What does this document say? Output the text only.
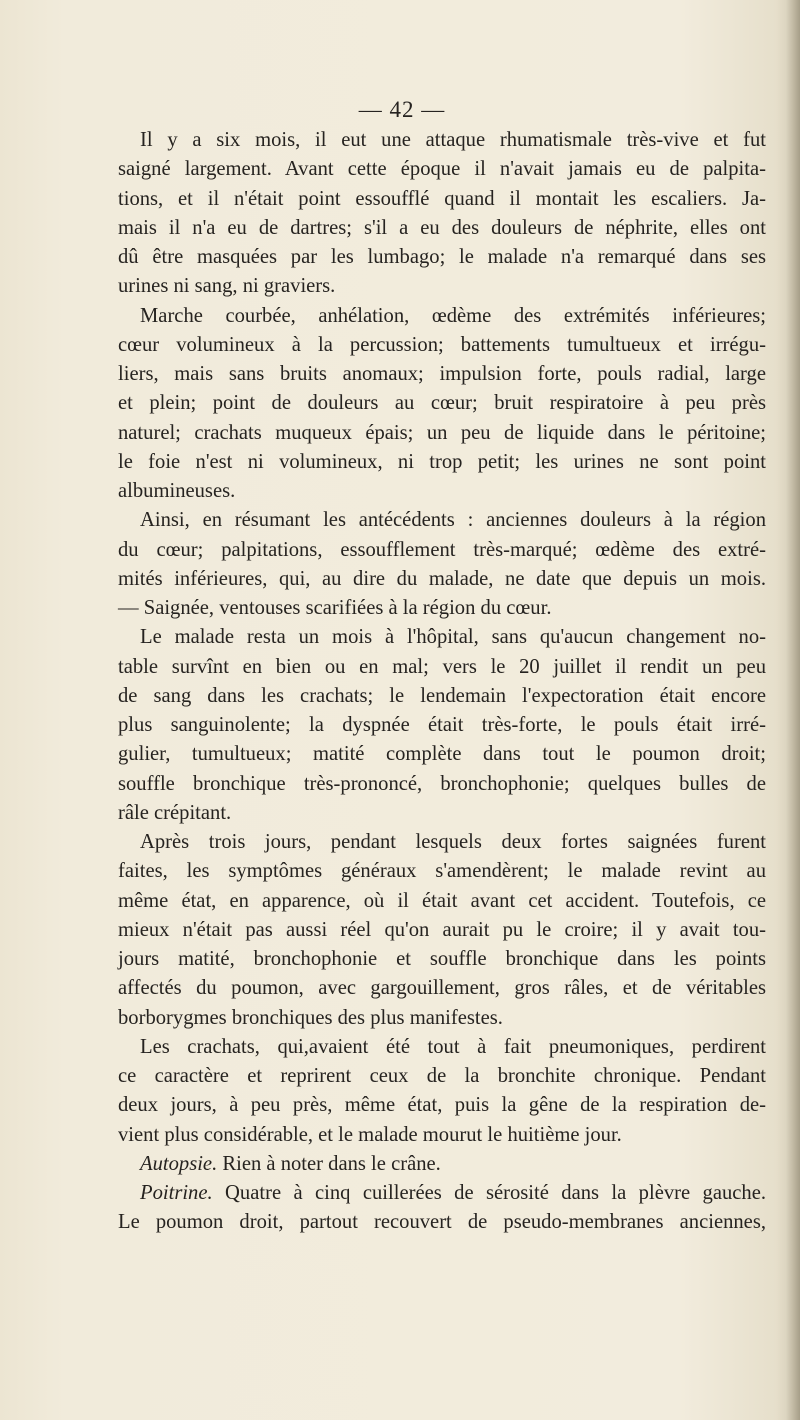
— 42 —
Il y a six mois, il eut une attaque rhumatismale très-vive et fut
saigné largement. Avant cette époque il n'avait jamais eu de palpita-
tions, et il n'était point essoufflé quand il montait les escaliers. Ja-
mais il n'a eu de dartres; s'il a eu des douleurs de néphrite, elles ont
dû être masquées par les lumbago; le malade n'a remarqué dans ses
urines ni sang, ni graviers.
Marche courbée, anhélation, œdème des extrémités inférieures;
cœur volumineux à la percussion; battements tumultueux et irrégu-
liers, mais sans bruits anomaux; impulsion forte, pouls radial, large
et plein; point de douleurs au cœur; bruit respiratoire à peu près
naturel; crachats muqueux épais; un peu de liquide dans le péritoine;
le foie n'est ni volumineux, ni trop petit; les urines ne sont point
albumineuses.
Ainsi, en résumant les antécédents : anciennes douleurs à la région
du cœur; palpitations, essoufflement très-marqué; œdème des extré-
mités inférieures, qui, au dire du malade, ne date que depuis un mois.
— Saignée, ventouses scarifiées à la région du cœur.
Le malade resta un mois à l'hôpital, sans qu'aucun changement no-
table survînt en bien ou en mal; vers le 20 juillet il rendit un peu
de sang dans les crachats; le lendemain l'expectoration était encore
plus sanguinolente; la dyspnée était très-forte, le pouls était irré-
gulier, tumultueux; matité complète dans tout le poumon droit;
souffle bronchique très-prononcé, bronchophonie; quelques bulles de
râle crépitant.
Après trois jours, pendant lesquels deux fortes saignées furent
faites, les symptômes généraux s'amendèrent; le malade revint au
même état, en apparence, où il était avant cet accident. Toutefois, ce
mieux n'était pas aussi réel qu'on aurait pu le croire; il y avait tou-
jours matité, bronchophonie et souffle bronchique dans les points
affectés du poumon, avec gargouillement, gros râles, et de véritables
borborygmes bronchiques des plus manifestes.
Les crachats, qui,avaient été tout à fait pneumoniques, perdirent
ce caractère et reprirent ceux de la bronchite chronique. Pendant
deux jours, à peu près, même état, puis la gêne de la respiration de-
vient plus considérable, et le malade mourut le huitième jour.
Autopsie. Rien à noter dans le crâne.
Poitrine. Quatre à cinq cuillerées de sérosité dans la plèvre gauche.
Le poumon droit, partout recouvert de pseudo-membranes anciennes,
